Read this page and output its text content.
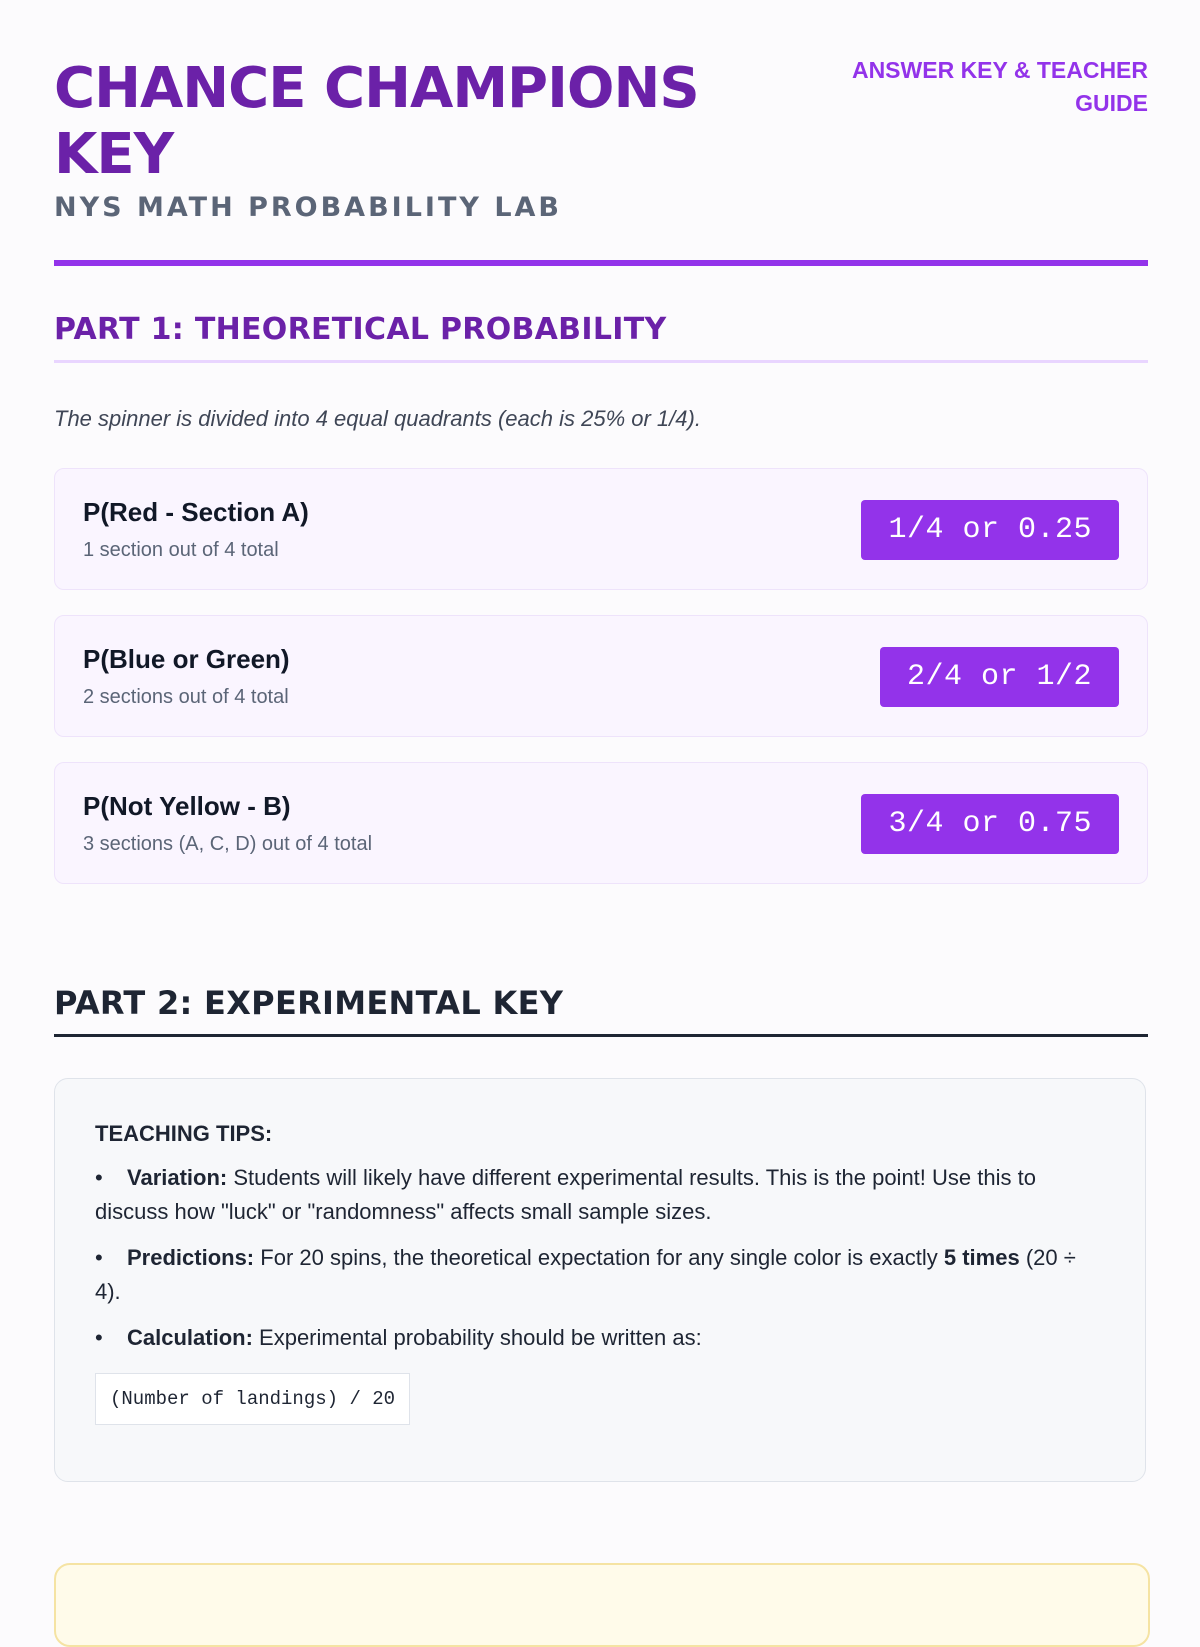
CHANCE CHAMPIONS KEY
NYS MATH PROBABILITY LAB
ANSWER KEY & TEACHER GUIDE
PART 1: THEORETICAL PROBABILITY
The spinner is divided into 4 equal quadrants (each is 25% or 1/4).
P(Red - Section A)
1 section out of 4 total
1/4 or 0.25
P(Blue or Green)
2 sections out of 4 total
2/4 or 1/2
P(Not Yellow - B)
3 sections (A, C, D) out of 4 total
3/4 or 0.75
PART 2: EXPERIMENTAL KEY
TEACHING TIPS:
• Variation: Students will likely have different experimental results. This is the point! Use this to discuss how "luck" or "randomness" affects small sample sizes.
• Predictions: For 20 spins, the theoretical expectation for any single color is exactly 5 times (20 ÷ 4).
• Calculation: Experimental probability should be written as:
(Number of landings) / 20
